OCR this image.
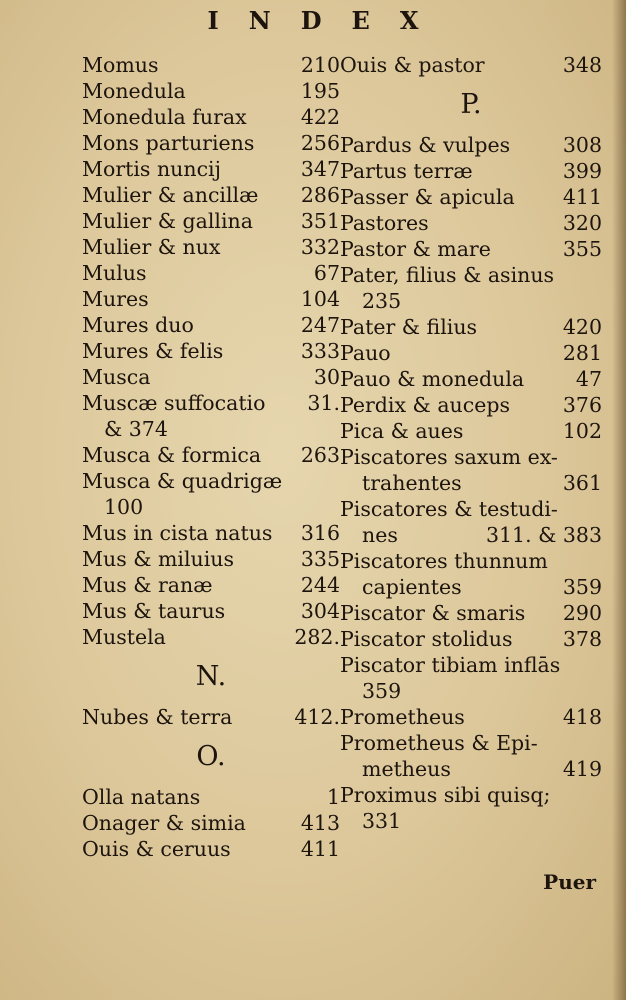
INDEX
Momus	210
Monedula	195
Monedula furax	422
Mons parturiens 256
Mortis nuncij	347
Mulier & ancillæ 286
Mulier & gallina 351
Mulier & nux	332
Mulus	67
Mures	104
Mures duo	247
Mures & felis	333
Musca	30
Muscæ suffocatio 31.
& 374
Musca & formica 263
Musca & quadrigæ
100
Mus in cista natus 316
Mus & miluius	335
Mus & ranæ	244
Mus & taurus	304
Mustela	282.
N.
Nubes & terra	412.
O.
Olla natans	1
Onager & simia	413
Ouis & ceruus	411
Ouis & pastor	348
P.
Pardus & vulpes	308
Partus terræ	399
Passer & apicula 411
Pastores	320
Pastor & mare	355
Pater, filius & asinus
235
Pater & filius	420
Pauo	281
Pauo & monedula	47
Perdix & auceps	376
Pica & aues	102
Piscatores saxum ex-
trahentes	361
Piscatores & testudi-
nes	311. & 383
Piscatores thunnum
capientes	359
Piscator & smaris 290
Piscator stolidus 378
Piscator tibiam inflās
359
Prometheus	418
Prometheus & Epi-
metheus	419
Proximus sibi quisq;
331
Puer
